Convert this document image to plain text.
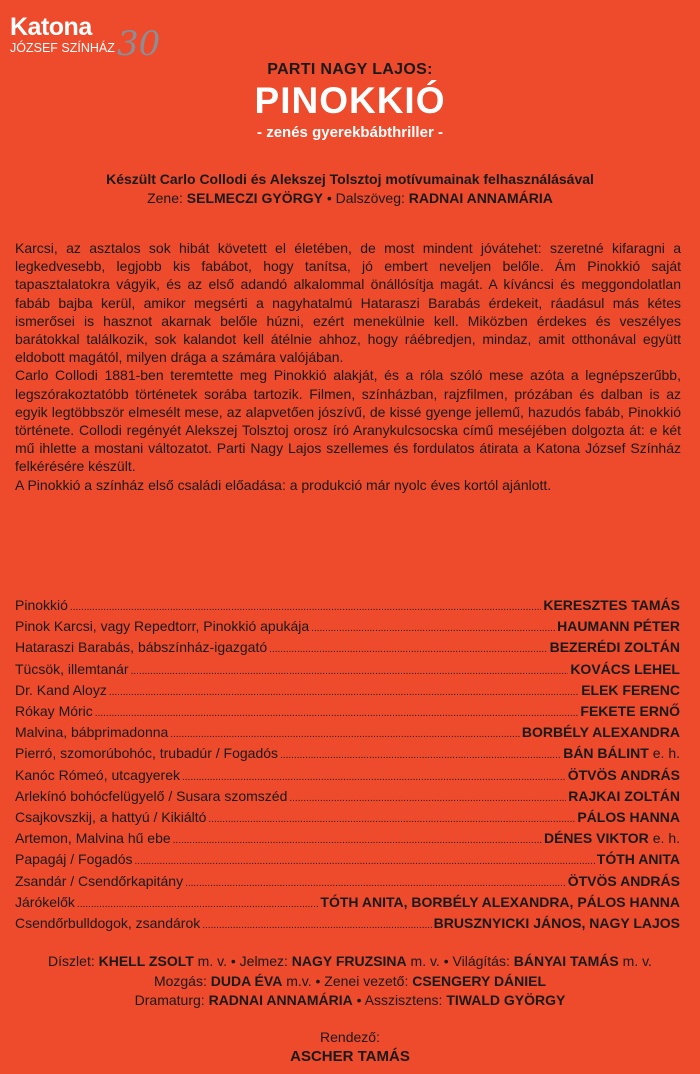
Katona
JÓZSEF SZÍNHÁZ 30
PARTI NAGY LAJOS:
PINOKKIÓ
- zenés gyerekbábthriller -
Készült Carlo Collodi és Alekszej Tolsztoj motívumainak felhasználásával
Zene: SELMECZI GYÖRGY • Dalszöveg: RADNAI ANNAMÁRIA

Karcsi, az asztalos sok hibát követett el életében, de most mindent jóvátehet: szeretné kifaragni a legkedvesebb, legjobb kis fabábot, hogy tanítsa, jó embert neveljen belőle. Ám Pinokkió saját tapasztalatokra vágyik, és az első adandó alkalommal önállósítja magát. A kíváncsi és meggondolatlan fabáb bajba kerül, amikor megsérti a nagyhatalmú Hataraszi Barabás érdekeit, ráadásul más kétes ismerősei is hasznot akarnak belőle húzni, ezért menekülnie kell. Miközben érdekes és veszélyes barátokkal találkozik, sok kalandot kell átélnie ahhoz, hogy ráébredjen, mindaz, amit otthonával együtt eldobott magától, milyen drága a számára valójában.

Carlo Collodi 1881-ben teremtette meg Pinokkió alakját, és a róla szóló mese azóta a legnépszerűbb, legszórakoztatóbb történetek sorába tartozik. Filmen, színházban, rajzfilmen, prózában és dalban is az egyik legtöbbször elmesélt mese, az alapvetően jószívű, de kissé gyenge jellemű, hazudós fabáb, Pinokkió története. Collodi regényét Alekszej Tolsztoj orosz író Aranykulcsocska című meséjében dolgozta át: e két mű ihlette a mostani változatot. Parti Nagy Lajos szellemes és fordulatos átirata a Katona József Színház felkérésére készült.

A Pinokkió a színház első családi előadása: a produkció már nyolc éves kortól ajánlott.

Pinokkió .....	KERESZTES TAMÁS
Pinok Karcsi, vagy Repedtorr, Pinokkió apukája .....	HAUMANN PÉTER
Hataraszi Barabás, bábszínház-igazgató .....	BEZERÉDI ZOLTÁN
Tücsök, illemtanár .....	KOVÁCS LEHEL
Dr. Kand Aloyz .....	ELEK FERENC
Rókay Móric .....	FEKETE ERNŐ
Malvina, bábprimadonna .....	BORBÉLY ALEXANDRA
Pierró, szomorúbohóc, trubadúr / Fogadós .....	BÁN BÁLINT e. h.
Kanóc Rómeó, utcagyerek .....	ÖTVÖS ANDRÁS
Arlekínó bohócfelügyelő / Susara szomszéd .....	RAJKAI ZOLTÁN
Csajkovszkij, a hattyú / Kikiáltó .....	PÁLOS HANNA
Artemon, Malvina hű ebe .....	DÉNES VIKTOR e. h.
Papagáj / Fogadós .....	TÓTH ANITA
Zsandár / Csendőrkapitány .....	ÖTVÖS ANDRÁS
Járókelők .....	TÓTH ANITA, BORBÉLY ALEXANDRA, PÁLOS HANNA
Csendőrbulldogok, zsandárok .....	BRUSZNYICKI JÁNOS, NAGY LAJOS
Díszlet: KHELL ZSOLT m. v. • Jelmez: NAGY FRUZSINA m. v. • Világítás: BÁNYAI TAMÁS m. v.
Mozgás: DUDA ÉVA m.v. • Zenei vezető: CSENGERY DÁNIEL
Dramaturg: RADNAI ANNAMÁRIA • Asszisztens: TIWALD GYÖRGY
Rendező:
ASCHER TAMÁS
